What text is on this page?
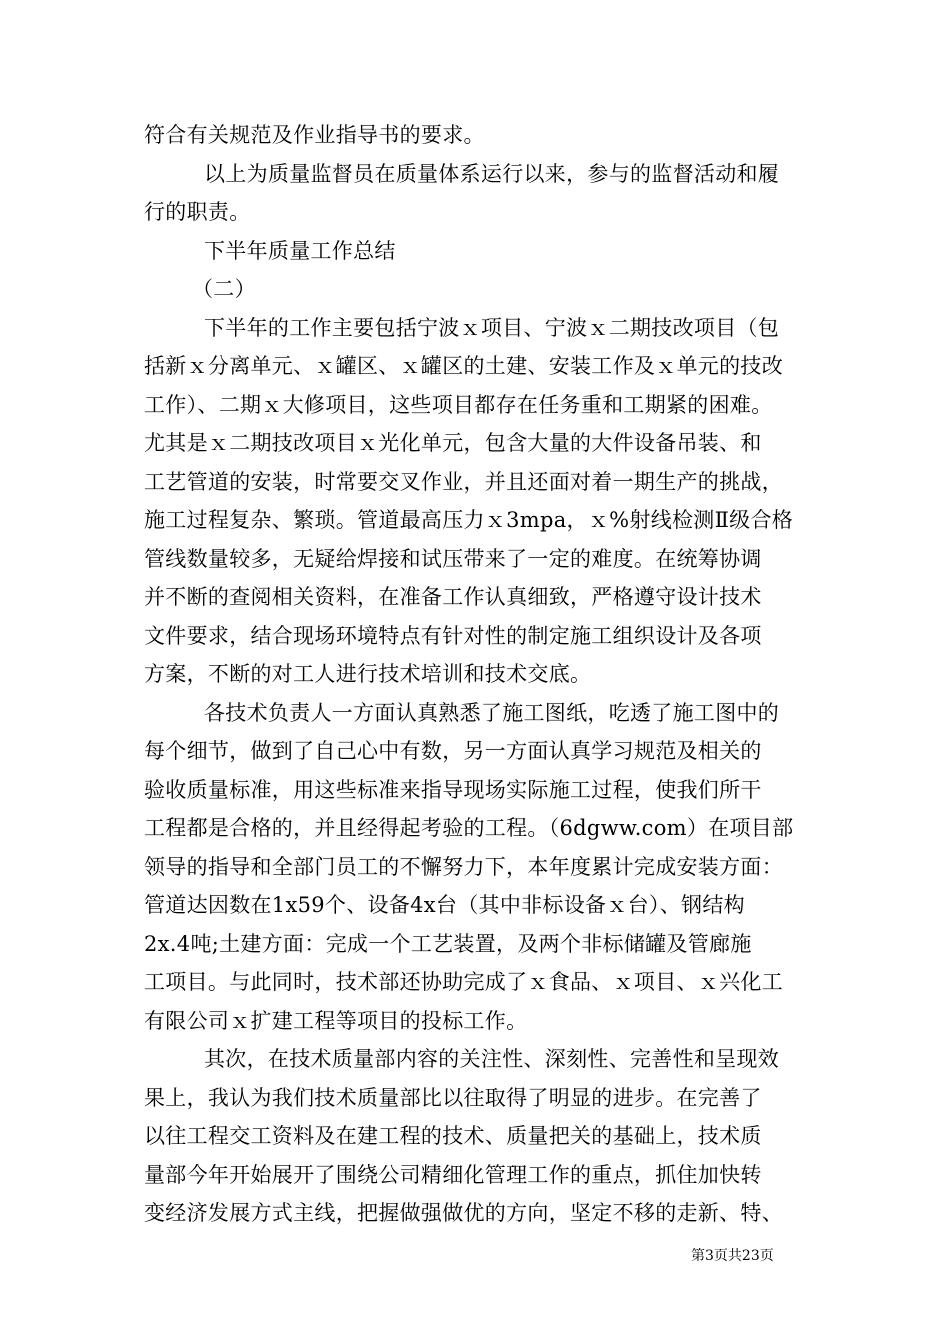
符合有关规范及作业指导书的要求。
以上为质量监督员在质量体系运行以来，参与的监督活动和履
行的职责。
下半年质量工作总结
（二）
下半年的工作主要包括宁波ｘ项目、宁波ｘ二期技改项目（包
括新ｘ分离单元、ｘ罐区、ｘ罐区的土建、安装工作及ｘ单元的技改
工作）、二期ｘ大修项目，这些项目都存在任务重和工期紧的困难。
尤其是ｘ二期技改项目ｘ光化单元，包含大量的大件设备吊装、和
工艺管道的安装，时常要交叉作业，并且还面对着一期生产的挑战，
施工过程复杂、繁琐。管道最高压力ｘ3mpa，ｘ%射线检测Ⅱ级合格
管线数量较多，无疑给焊接和试压带来了一定的难度。在统筹协调
并不断的查阅相关资料，在准备工作认真细致，严格遵守设计技术
文件要求，结合现场环境特点有针对性的制定施工组织设计及各项
方案，不断的对工人进行技术培训和技术交底。
各技术负责人一方面认真熟悉了施工图纸，吃透了施工图中的
每个细节，做到了自己心中有数，另一方面认真学习规范及相关的
验收质量标准，用这些标准来指导现场实际施工过程，使我们所干
工程都是合格的，并且经得起考验的工程。（6dgww.com）在项目部
领导的指导和全部门员工的不懈努力下，本年度累计完成安装方面：
管道达因数在1x59个、设备4x台（其中非标设备ｘ台）、钢结构
2x.4吨;土建方面：完成一个工艺装置，及两个非标储罐及管廊施
工项目。与此同时，技术部还协助完成了ｘ食品、ｘ项目、ｘ兴化工
有限公司ｘ扩建工程等项目的投标工作。
其次，在技术质量部内容的关注性、深刻性、完善性和呈现效
果上，我认为我们技术质量部比以往取得了明显的进步。在完善了
以往工程交工资料及在建工程的技术、质量把关的基础上，技术质
量部今年开始展开了围绕公司精细化管理工作的重点，抓住加快转
变经济发展方式主线，把握做强做优的方向，坚定不移的走新、特、
第3页共23页
